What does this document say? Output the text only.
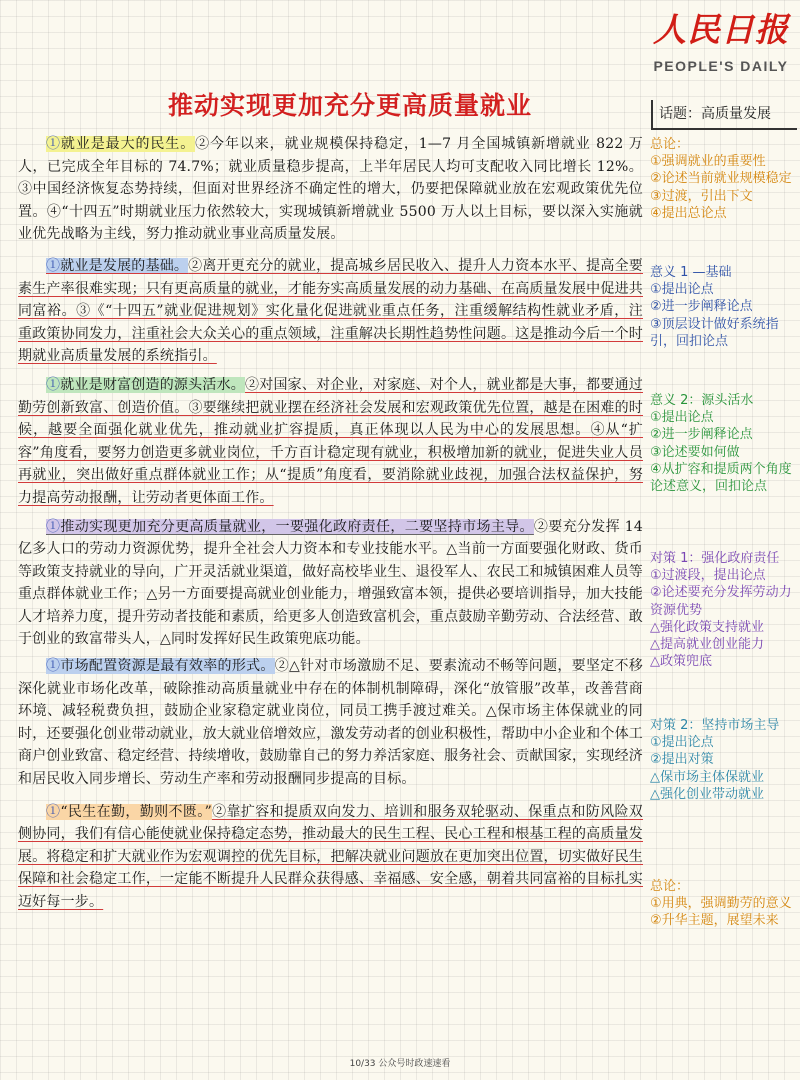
人民日报
PEOPLE'S DAILY
推动实现更加充分更高质量就业	话题：高质量发展

①就业是最大的民生。②今年以来，就业规模保持稳定，1—7 月全国城镇新增就业 822 万人，已完成全年目标的 74.7%；就业质量稳步提高，上半年居民人均可支配收入同比增长 12%。③中国经济恢复态势持续，但面对世界经济不确定性的增大，仍要把保障就业放在宏观政策优先位置。④“十四五”时期就业压力依然较大，实现城镇新增就业 5500 万人以上目标，要以深入实施就业优先战略为主线，努力推动就业事业高质量发展。

①就业是发展的基础。②离开更充分的就业，提高城乡居民收入、提升人力资本水平、提高全要素生产率很难实现；只有更高质量的就业，才能夯实高质量发展的动力基础、在高质量发展中促进共同富裕。③《“十四五”就业促进规划》实化量化促进就业重点任务，注重缓解结构性就业矛盾，注重政策协同发力，注重社会大众关心的重点领域，注重解决长期性趋势性问题。这是推动今后一个时期就业高质量发展的系统指引。

①就业是财富创造的源头活水。②对国家、对企业，对家庭、对个人，就业都是大事，都要通过勤劳创新致富、创造价值。③要继续把就业摆在经济社会发展和宏观政策优先位置，越是在困难的时候，越要全面强化就业优先，推动就业扩容提质，真正体现以人民为中心的发展思想。④从“扩容”角度看，要努力创造更多就业岗位，千方百计稳定现有就业，积极增加新的就业，促进失业人员再就业，突出做好重点群体就业工作；从“提质”角度看，要消除就业歧视，加强合法权益保护，努力提高劳动报酬，让劳动者更体面工作。

①推动实现更加充分更高质量就业，一要强化政府责任，二要坚持市场主导。②要充分发挥 14 亿多人口的劳动力资源优势，提升全社会人力资本和专业技能水平。△当前一方面要强化财政、货币等政策支持就业的导向，广开灵活就业渠道，做好高校毕业生、退役军人、农民工和城镇困难人员等重点群体就业工作；△另一方面要提高就业创业能力，增强致富本领，提供必要培训指导，加大技能人才培养力度，提升劳动者技能和素质，给更多人创造致富机会，重点鼓励辛勤劳动、合法经营、敢于创业的致富带头人，△同时发挥好民生政策兜底功能。

①市场配置资源是最有效率的形式。②△针对市场激励不足、要素流动不畅等问题，要坚定不移深化就业市场化改革，破除推动高质量就业中存在的体制机制障碍，深化“放管服”改革，改善营商环境、减轻税费负担，鼓励企业家稳定就业岗位，同员工携手渡过难关。△保市场主体保就业的同时，还要强化创业带动就业，放大就业倍增效应，激发劳动者的创业积极性，帮助中小企业和个体工商户创业致富、稳定经营、持续增收，鼓励靠自己的努力养活家庭、服务社会、贡献国家，实现经济和居民收入同步增长、劳动生产率和劳动报酬同步提高的目标。

①“民生在勤，勤则不匮。”②靠扩容和提质双向发力、培训和服务双轮驱动、保重点和防风险双侧协同，我们有信心能使就业保持稳定态势，推动最大的民生工程、民心工程和根基工程的高质量发展。将稳定和扩大就业作为宏观调控的优先目标，把解决就业问题放在更加突出位置，切实做好民生保障和社会稳定工作，一定能不断提升人民群众获得感、幸福感、安全感，朝着共同富裕的目标扎实迈好每一步。

总论：

①强调就业的重要性

②论述当前就业规模稳定

③过渡，引出下文

④提出总论点

意义 1 —基础

①提出论点

②进一步阐释论点

③顶层设计做好系统指引，回扣论点

意义 2：源头活水

①提出论点

②进一步阐释论点

③论述要如何做

④从扩容和提质两个角度论述意义，回扣论点

对策 1：强化政府责任

①过渡段，提出论点

②论述要充分发挥劳动力资源优势

△强化政策支持就业

△提高就业创业能力

△政策兜底

对策 2：坚持市场主导

①提出论点

②提出对策

△保市场主体保就业

△强化创业带动就业

总论：

①用典，强调勤劳的意义

②升华主题，展望未来

10/33 公众号时政速速看
